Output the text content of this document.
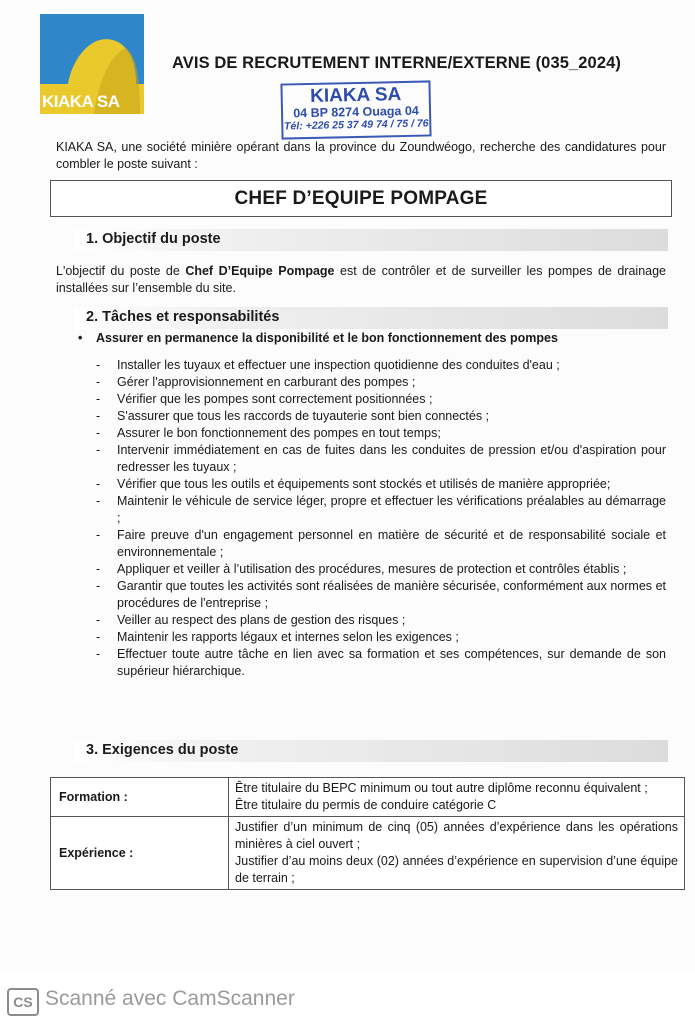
KIAKA SA
AVIS DE RECRUTEMENT INTERNE/EXTERNE (035_2024)
KIAKA SA
04 BP 8274 Ouaga 04
Tél: +226 25 37 49 74 / 75 / 76
KIAKA SA, une société minière opérant dans la province du Zoundwéogo, recherche des candidatures pour combler le poste suivant :
CHEF D’EQUIPE POMPAGE
1. Objectif du poste
L'objectif du poste de Chef D’Equipe Pompage est de contrôler et de surveiller les pompes de drainage installées sur l’ensemble du site.
2. Tâches et responsabilités
• Assurer en permanence la disponibilité et le bon fonctionnement des pompes
- Installer les tuyaux et effectuer une inspection quotidienne des conduites d'eau ;
- Gérer l'approvisionnement en carburant des pompes ;
- Vérifier que les pompes sont correctement positionnées ;
- S'assurer que tous les raccords de tuyauterie sont bien connectés ;
- Assurer le bon fonctionnement des pompes en tout temps;
- Intervenir immédiatement en cas de fuites dans les conduites de pression et/ou d'aspiration pour redresser les tuyaux ;
- Vérifier que tous les outils et équipements sont stockés et utilisés de manière appropriée;
- Maintenir le véhicule de service léger, propre et effectuer les vérifications préalables au démarrage ;
- Faire preuve d'un engagement personnel en matière de sécurité et de responsabilité sociale et environnementale ;
- Appliquer et veiller à l’utilisation des procédures, mesures de protection et contrôles établis ;
- Garantir que toutes les activités sont réalisées de manière sécurisée, conformément aux normes et procédures de l'entreprise ;
- Veiller au respect des plans de gestion des risques ;
- Maintenir les rapports légaux et internes selon les exigences ;
- Effectuer toute autre tâche en lien avec sa formation et ses compétences, sur demande de son supérieur hiérarchique.
3. Exigences du poste
Formation :	Être titulaire du BEPC minimum ou tout autre diplôme reconnu équivalent ;
Être titulaire du permis de conduire catégorie C

Expérience :	Justifier d’un minimum de cinq (05) années d’expérience dans les opérations minières à ciel ouvert ;
Justifier d’au moins deux (02) années d’expérience en supervision d’une équipe de terrain ;
CS Scanné avec CamScanner
